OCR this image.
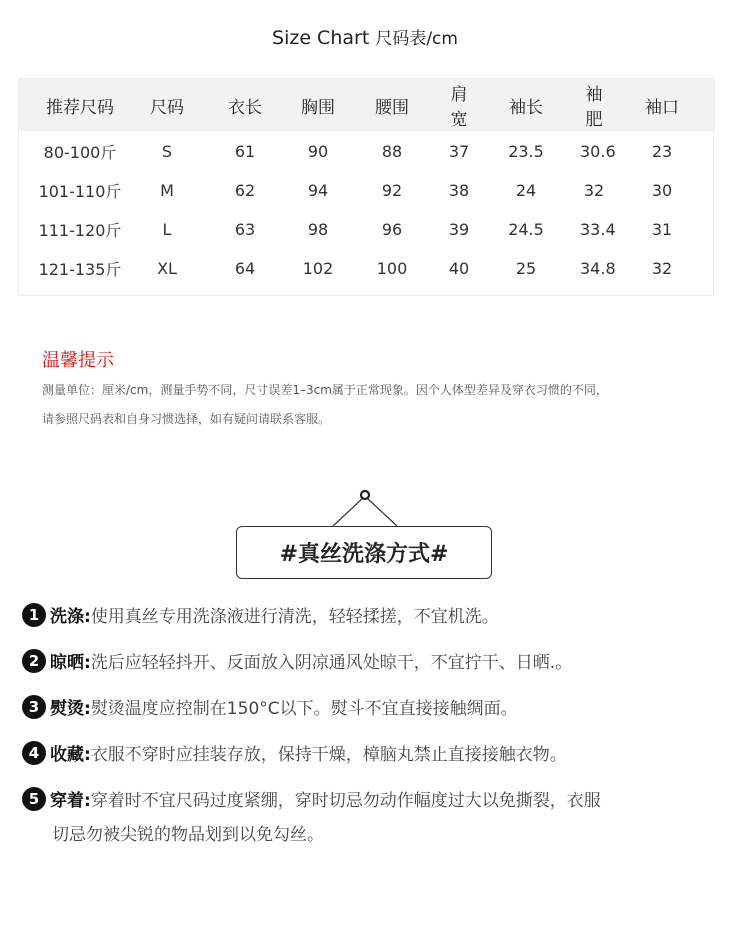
Size Chart 尺码表/cm
推荐尺码	尺码	衣长	胸围	腰围	肩宽	袖长	袖肥	袖口
80-100斤	S	61	90	88	37	23.5	30.6	23
101-110斤	M	62	94	92	38	24	32	30
111-120斤	L	63	98	96	39	24.5	33.4	31
121-135斤	XL	64	102	100	40	25	34.8	32
温馨提示
测量单位：厘米/cm，测量手势不同，尺寸误差1–3cm属于正常现象。因个人体型差异及穿衣习惯的不同，
请参照尺码表和自身习惯选择，如有疑问请联系客服。
#真丝洗涤方式#
1 洗涤:使用真丝专用洗涤液进行清洗，轻轻揉搓，不宜机洗。
2 晾晒:洗后应轻轻抖开、反面放入阴凉通风处晾干，不宜拧干、日晒.。
3 熨烫:熨烫温度应控制在150°C以下。熨斗不宜直接接触绸面。
4 收藏:衣服不穿时应挂装存放，保持干燥，樟脑丸禁止直接接触衣物。
5 穿着:穿着时不宜尺码过度紧绷，穿时切忌勿动作幅度过大以免撕裂，衣服
切忌勿被尖锐的物品划到以免勾丝。
